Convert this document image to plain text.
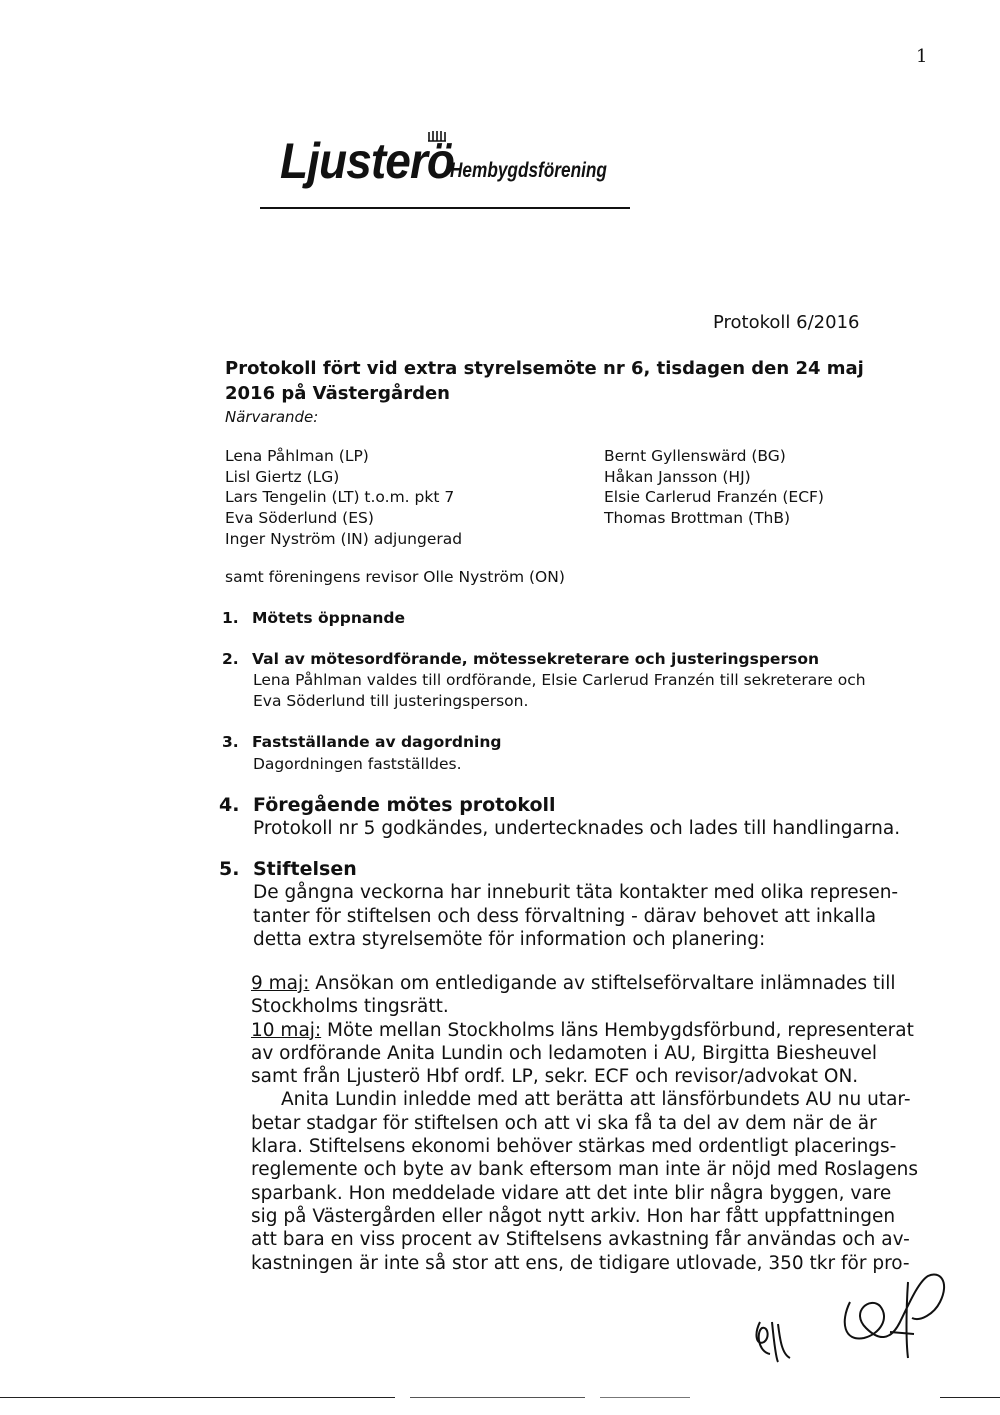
1
Ljusterö
Hembygdsförening
Protokoll 6/2016
Protokoll fört vid extra styrelsemöte nr 6, tisdagen den 24 maj
2016 på Västergården
Närvarande:
Lena Påhlman (LP)
Lisl Giertz (LG)
Lars Tengelin (LT) t.o.m. pkt 7
Eva Söderlund (ES)
Inger Nyström (IN) adjungerad
Bernt Gyllenswärd (BG)
Håkan Jansson (HJ)
Elsie Carlerud Franzén (ECF)
Thomas Brottman (ThB)
samt föreningens revisor Olle Nyström (ON)
1. Mötets öppnande
2. Val av mötesordförande, mötessekreterare och justeringsperson
Lena Påhlman valdes till ordförande, Elsie Carlerud Franzén till sekreterare och
Eva Söderlund till justeringsperson.
3. Fastställande av dagordning
Dagordningen fastställdes.
4. Föregående mötes protokoll
Protokoll nr 5 godkändes, undertecknades och lades till handlingarna.
5. Stiftelsen
De gångna veckorna har inneburit täta kontakter med olika represen-
tanter för stiftelsen och dess förvaltning - därav behovet att inkalla
detta extra styrelsemöte för information och planering:
9 maj: Ansökan om entledigande av stiftelseförvaltare inlämnades till
Stockholms tingsrätt.
10 maj: Möte mellan Stockholms läns Hembygdsförbund, representerat
av ordförande Anita Lundin och ledamoten i AU, Birgitta Biesheuvel
samt från Ljusterö Hbf ordf. LP, sekr. ECF och revisor/advokat ON.
Anita Lundin inledde med att berätta att länsförbundets AU nu utar-
betar stadgar för stiftelsen och att vi ska få ta del av dem när de är
klara. Stiftelsens ekonomi behöver stärkas med ordentligt placerings-
reglemente och byte av bank eftersom man inte är nöjd med Roslagens
sparbank. Hon meddelade vidare att det inte blir några byggen, vare
sig på Västergården eller något nytt arkiv. Hon har fått uppfattningen
att bara en viss procent av Stiftelsens avkastning får användas och av-
kastningen är inte så stor att ens, de tidigare utlovade, 350 tkr för pro-
